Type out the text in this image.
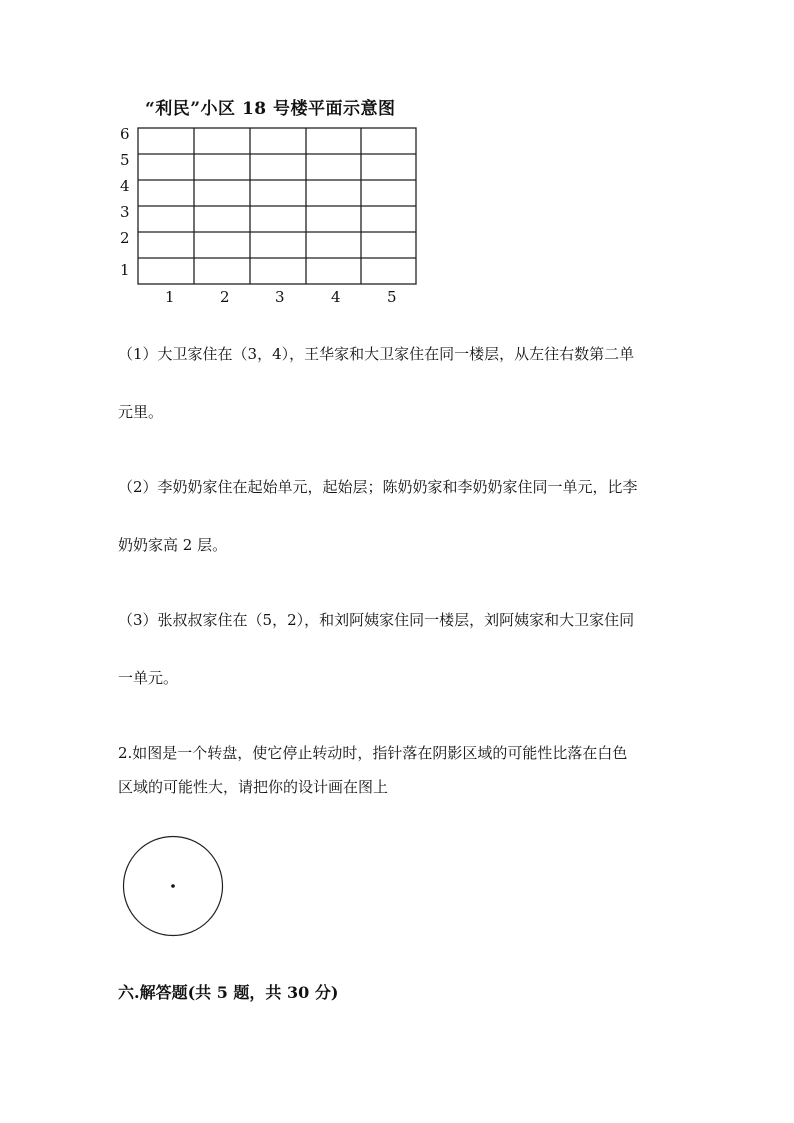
“利民”小区 18 号楼平面示意图
6
5
4
3
2
1
1	2	3	4	5
（1）大卫家住在（3，4），王华家和大卫家住在同一楼层，从左往右数第二单
元里。
（2）李奶奶家住在起始单元，起始层；陈奶奶家和李奶奶家住同一单元，比李
奶奶家高 2 层。
（3）张叔叔家住在（5，2），和刘阿姨家住同一楼层，刘阿姨家和大卫家住同
一单元。
2.如图是一个转盘，使它停止转动时，指针落在阴影区域的可能性比落在白色
区域的可能性大，请把你的设计画在图上
六.解答题(共 5 题，共 30 分)
